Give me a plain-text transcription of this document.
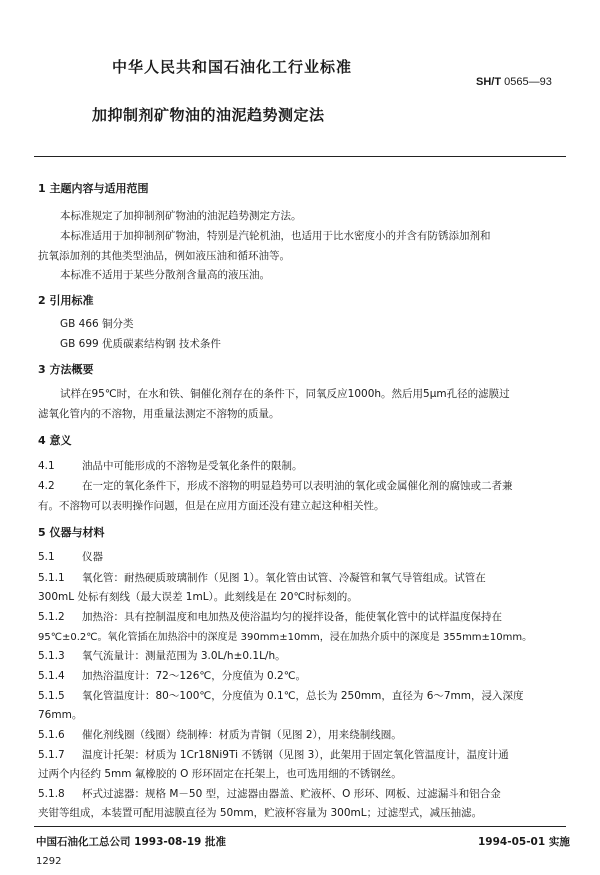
中华人民共和国石油化工行业标准
SH/T 0565—93
加抑制剂矿物油的油泥趋势测定法
1 主题内容与适用范围
本标准规定了加抑制剂矿物油的油泥趋势测定方法。
本标准适用于加抑制剂矿物油，特别是汽轮机油，也适用于比水密度小的并含有防锈添加剂和
抗氧添加剂的其他类型油品，例如液压油和循环油等。
本标准不适用于某些分散剂含量高的液压油。
2 引用标准
GB 466 铜分类
GB 699 优质碳素结构钢 技术条件
3 方法概要
试样在95℃时，在水和铁、铜催化剂存在的条件下，同氧反应1000h。然后用5μm孔径的滤膜过
滤氧化管内的不溶物，用重量法测定不溶物的质量。
4 意义
4.1	油品中可能形成的不溶物是受氧化条件的限制。
4.2	在一定的氧化条件下，形成不溶物的明显趋势可以表明油的氧化或金属催化剂的腐蚀或二者兼
有。不溶物可以表明操作问题，但是在应用方面还没有建立起这种相关性。
5 仪器与材料
5.1	仪器
5.1.1 氧化管：耐热硬质玻璃制作（见图 1）。氧化管由试管、冷凝管和氧气导管组成。试管在
300mL 处标有刻线（最大误差 1mL）。此刻线是在 20℃时标刻的。
5.1.2 加热浴：具有控制温度和电加热及使浴温均匀的搅拌设备，能使氧化管中的试样温度保持在
95℃±0.2℃。氧化管插在加热浴中的深度是 390mm±10mm，浸在加热介质中的深度是 355mm±10mm。
5.1.3 氧气流量计：测量范围为 3.0L/h±0.1L/h。
5.1.4 加热浴温度计：72～126℃，分度值为 0.2℃。
5.1.5 氧化管温度计：80～100℃，分度值为 0.1℃，总长为 250mm，直径为 6～7mm，浸入深度
76mm。
5.1.6 催化剂线圈（线圈）绕制棒：材质为青铜（见图 2），用来绕制线圈。
5.1.7 温度计托架：材质为 1Cr18Ni9Ti 不锈钢（见图 3），此架用于固定氧化管温度计，温度计通
过两个内径约 5mm 氟橡胶的 O 形环固定在托架上，也可选用细的不锈钢丝。
5.1.8 杯式过滤器：规格 M－50 型，过滤器由器盖、贮液杯、O 形环、网板、过滤漏斗和铝合金
夹钳等组成，本装置可配用滤膜直径为 50mm，贮液杯容量为 300mL；过滤型式，减压抽滤。
中国石油化工总公司 1993-08-19 批准	1994-05-01 实施
1292
